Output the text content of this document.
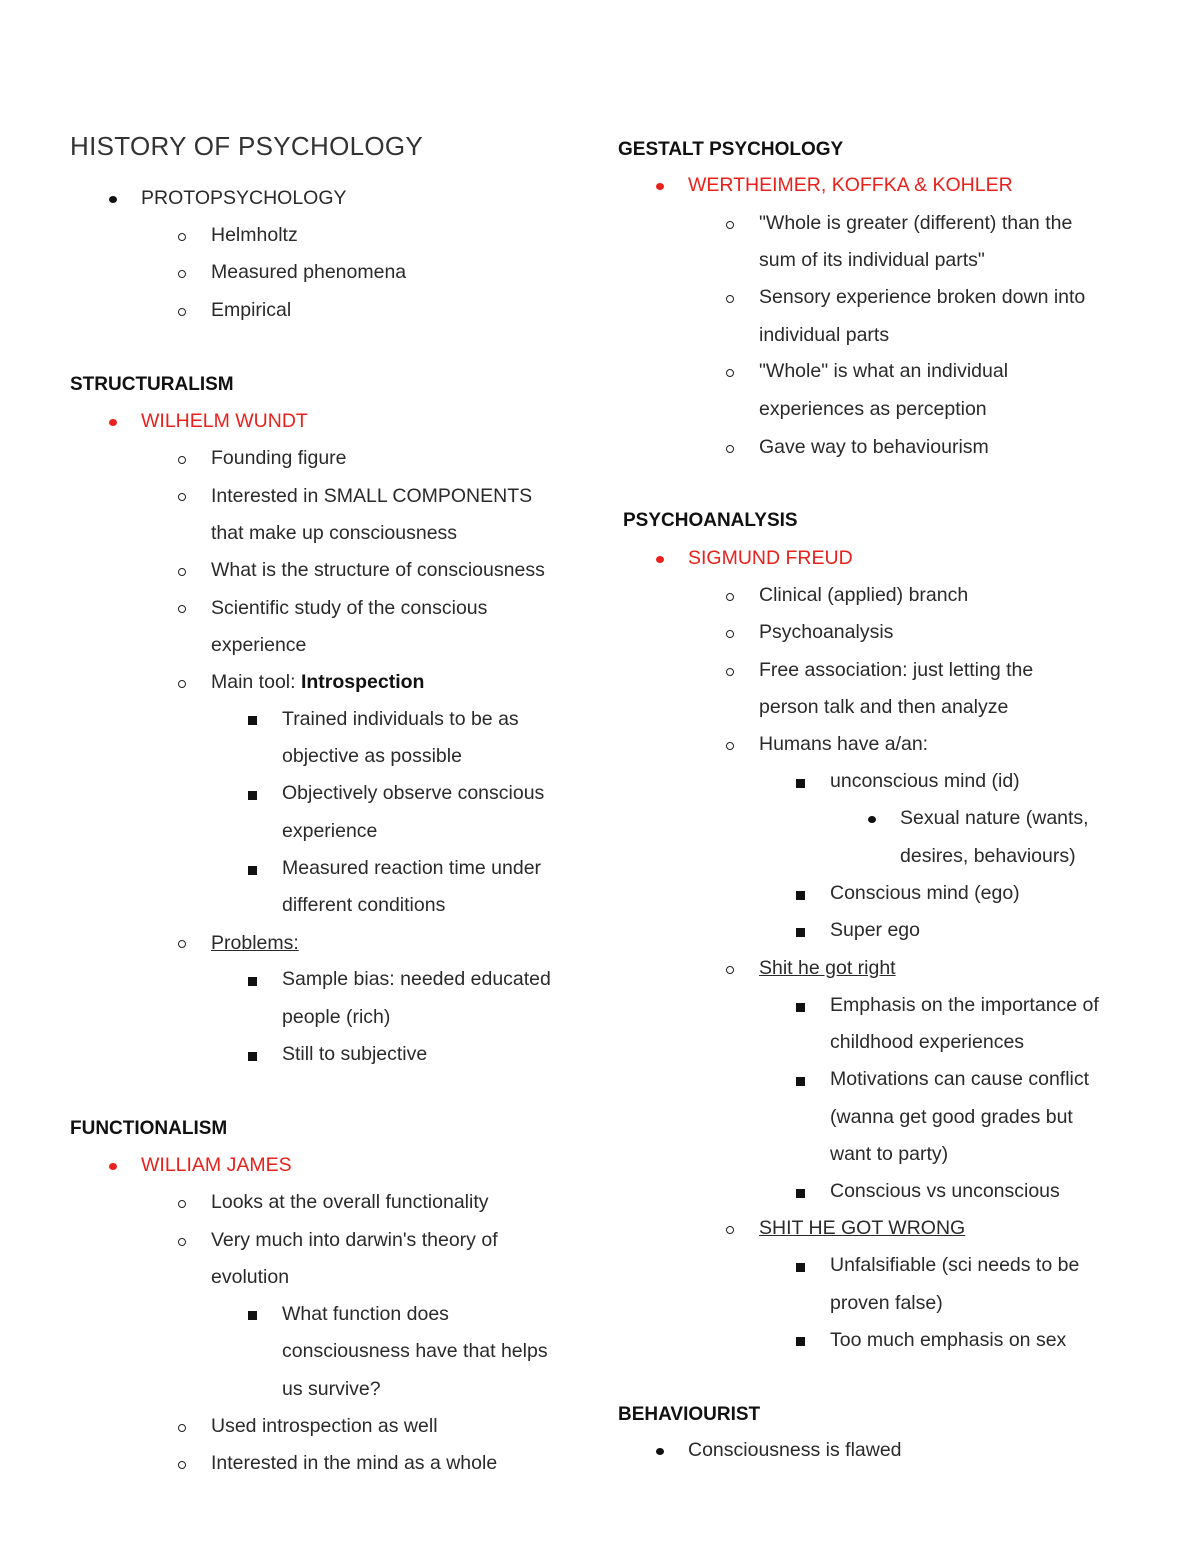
HISTORY OF PSYCHOLOGY
PROTOPSYCHOLOGY
Helmholtz
Measured phenomena
Empirical
STRUCTURALISM
WILHELM WUNDT
Founding figure
Interested in SMALL COMPONENTS
that make up consciousness
What is the structure of consciousness
Scientific study of the conscious
experience
Main tool: Introspection
Trained individuals to be as
objective as possible
Objectively observe conscious
experience
Measured reaction time under
different conditions
Problems:
Sample bias: needed educated
people (rich)
Still to subjective
FUNCTIONALISM
WILLIAM JAMES
Looks at the overall functionality
Very much into darwin's theory of
evolution
What function does
consciousness have that helps
us survive?
Used introspection as well
Interested in the mind as a whole
GESTALT PSYCHOLOGY
WERTHEIMER, KOFFKA & KOHLER
"Whole is greater (different) than the
sum of its individual parts"
Sensory experience broken down into
individual parts
"Whole" is what an individual
experiences as perception
Gave way to behaviourism
PSYCHOANALYSIS
SIGMUND FREUD
Clinical (applied) branch
Psychoanalysis
Free association: just letting the
person talk and then analyze
Humans have a/an:
unconscious mind (id)
Sexual nature (wants,
desires, behaviours)
Conscious mind (ego)
Super ego
Shit he got right
Emphasis on the importance of
childhood experiences
Motivations can cause conflict
(wanna get good grades but
want to party)
Conscious vs unconscious
SHIT HE GOT WRONG
Unfalsifiable (sci needs to be
proven false)
Too much emphasis on sex
BEHAVIOURIST
Consciousness is flawed
